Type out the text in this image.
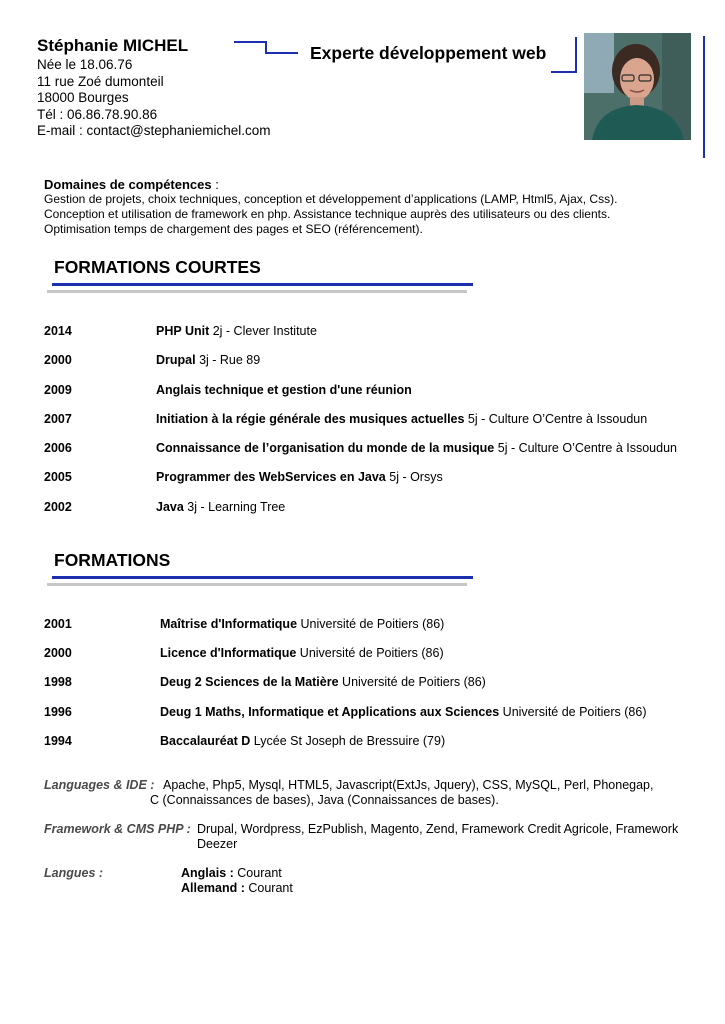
Stéphanie MICHEL
Née le 18.06.76
11 rue Zoé dumonteil
18000 Bourges
Tél : 06.86.78.90.86
E-mail : contact@stephaniemichel.com
Experte développement web
Domaines de compétences :
Gestion de projets, choix techniques, conception et développement d’applications (LAMP, Html5, Ajax, Css).
Conception et utilisation de framework en php. Assistance technique auprès des utilisateurs ou des clients.
Optimisation temps de chargement des pages et SEO (référencement).
FORMATIONS COURTES
2014	PHP Unit 2j - Clever Institute
2000	Drupal 3j - Rue 89
2009	Anglais technique et gestion d'une réunion
2007	Initiation à la régie générale des musiques actuelles 5j - Culture O’Centre à Issoudun
2006	Connaissance de l’organisation du monde de la musique 5j - Culture O’Centre à Issoudun
2005	Programmer des WebServices en Java 5j - Orsys
2002	Java 3j - Learning Tree
FORMATIONS
2001	Maîtrise d'Informatique Université de Poitiers (86)
2000	Licence d'Informatique Université de Poitiers (86)
1998	Deug 2 Sciences de la Matière Université de Poitiers (86)
1996	Deug 1 Maths, Informatique et Applications aux Sciences Université de Poitiers (86)
1994	Baccalauréat D Lycée St Joseph de Bressuire (79)
Languages & IDE : Apache, Php5, Mysql, HTML5, Javascript(ExtJs, Jquery), CSS, MySQL, Perl, Phonegap,
C (Connaissances de bases), Java (Connaissances de bases).
Framework & CMS PHP : Drupal, Wordpress, EzPublish, Magento, Zend, Framework Credit Agricole, Framework
Deezer
Langues :	Anglais : Courant
Allemand : Courant
